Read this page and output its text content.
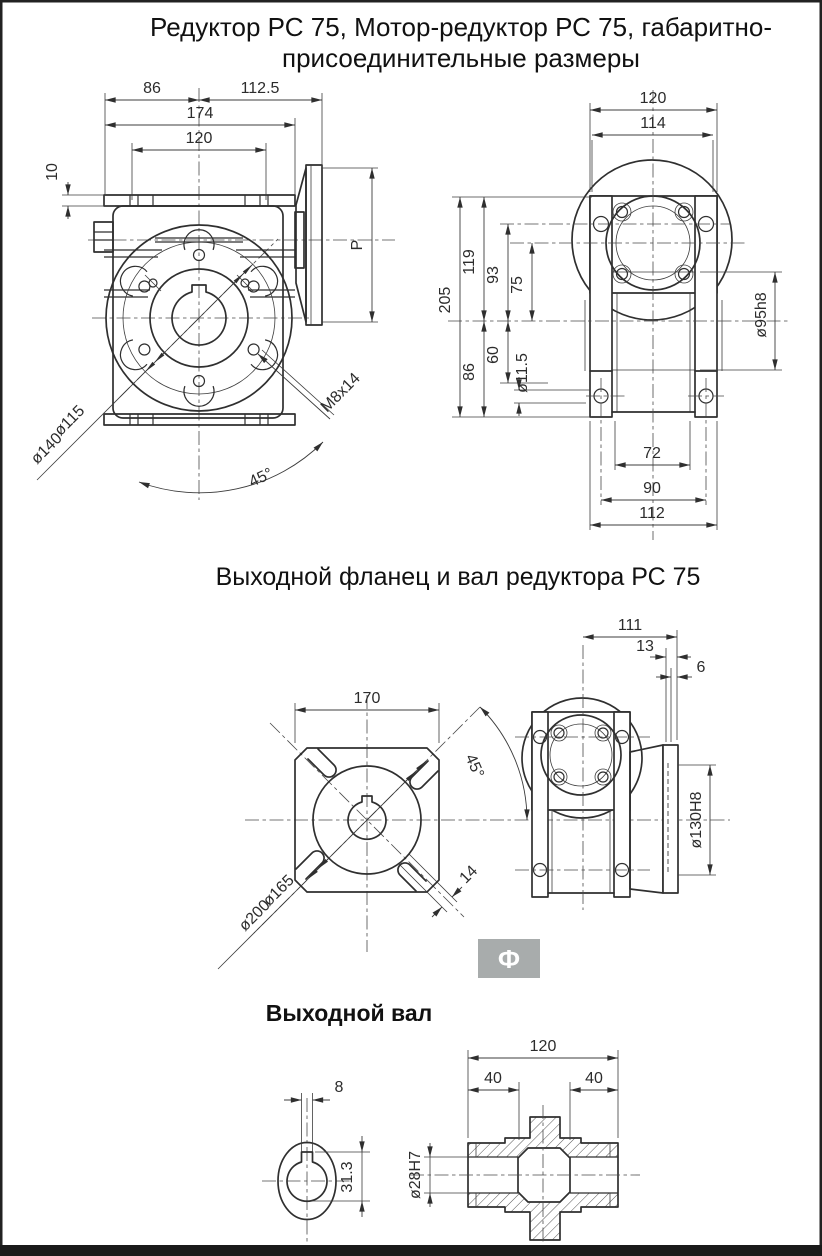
Редуктор РС 75, Мотор-редуктор РС 75, габаритно-
присоединительные размеры
86	112.5
174
120
10
P
ø115
ø140
M8x14
45°
120
114
205
119
86
93
60
75
ø11.5
ø95h8
72
90
112
Выходной фланец и вал редуктора РС 75
170
45°
ø165
ø200
14
111
13
6
ø130H8
Ф
Выходной вал
8
31.3
120
40	40
ø28H7
